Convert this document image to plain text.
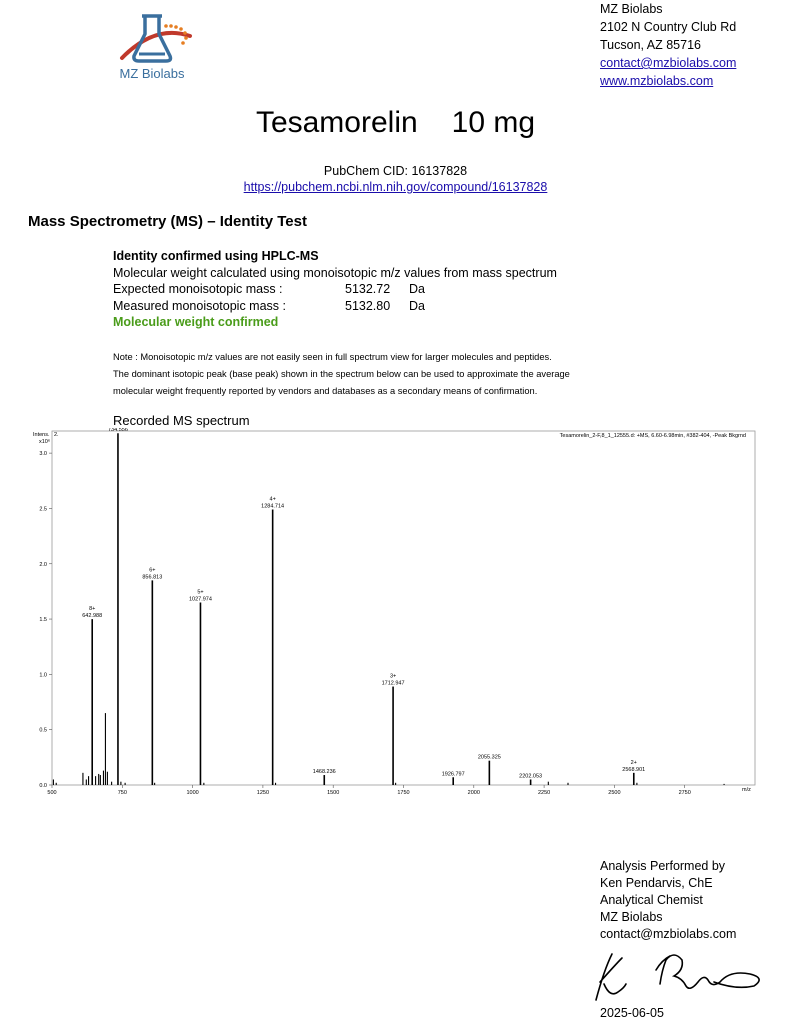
MZ Biolabs
MZ Biolabs
2102 N Country Club Rd
Tucson, AZ 85716
contact@mzbiolabs.com
www.mzbiolabs.com
Tesamorelin 10 mg
PubChem CID: 16137828
https://pubchem.ncbi.nlm.nih.gov/compound/16137828
Mass Spectrometry (MS) – Identity Test
Identity confirmed using HPLC-MS
Molecular weight calculated using monoisotopic m/z values from mass spectrum
Expected monoisotopic mass :	5132.72	Da
Measured monoisotopic mass :	5132.80	Da
Molecular weight confirmed
Note : Monoisotopic m/z values are not easily seen in full spectrum view for larger molecules and peptides.
The dominant isotopic peak (base peak) shown in the spectrum below can be used to approximate the average
molecular weight frequently reported by vendors and databases as a secondary means of confirmation.
Recorded MS spectrum
500	750	1000	1250	1500	1750	2000	2250	2500	2750
0.0
0.5
1.0
1.5
2.0
2.5
3.0
642.988
8+
734.556
856.813
6+
1027.974
5+
1284.714
4+
1468.236
1712.947
3+
1926.797
2055.325
2202.053
2568.901
2+
Tesamorelin_2-F,8_1_12555.d: +MS, 6.60-6.98min, #382-404, -Peak Bkgrnd
Intens. 2.
x10⁶
m/z
Analysis Performed by
Ken Pendarvis, ChE
Analytical Chemist
MZ Biolabs
contact@mzbiolabs.com
2025-06-05
